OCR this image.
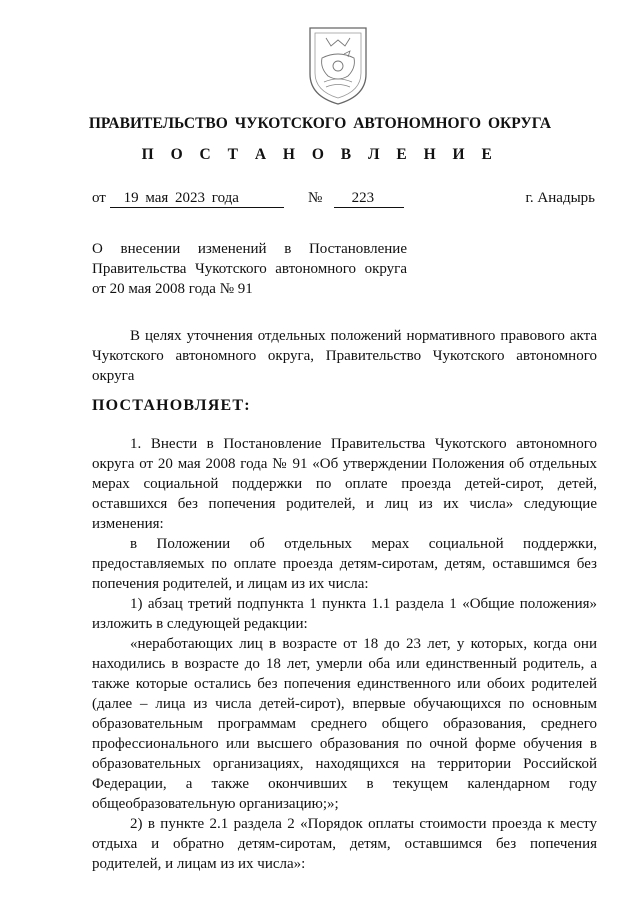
ПРАВИТЕЛЬСТВО ЧУКОТСКОГО АВТОНОМНОГО ОКРУГА
П О С Т А Н О В Л Е Н И Е
от 19 мая 2023 года	№ 223	г. Анадырь
О внесении изменений в Постановление
Правительства Чукотского автономного округа
от 20 мая 2008 года № 91

В целях уточнения отдельных положений нормативного правового акта Чукотского автономного округа, Правительство Чукотского автономного округа

ПОСТАНОВЛЯЕТ:

1. Внести в Постановление Правительства Чукотского автономного округа от 20 мая 2008 года № 91 «Об утверждении Положения об отдельных мерах социальной поддержки по оплате проезда детей-сирот, детей, оставшихся без попечения родителей, и лиц из их числа» следующие изменения:

в Положении об отдельных мерах социальной поддержки, предоставляемых по оплате проезда детям-сиротам, детям, оставшимся без попечения родителей, и лицам из их числа:

1) абзац третий подпункта 1 пункта 1.1 раздела 1 «Общие положения» изложить в следующей редакции:

«неработающих лиц в возрасте от 18 до 23 лет, у которых, когда они находились в возрасте до 18 лет, умерли оба или единственный родитель, а также которые остались без попечения единственного или обоих родителей (далее – лица из числа детей-сирот), впервые обучающихся по основным образовательным программам среднего общего образования, среднего профессионального или высшего образования по очной форме обучения в образовательных организациях, находящихся на территории Российской Федерации, а также окончивших в текущем календарном году общеобразовательную организацию;»;

2) в пункте 2.1 раздела 2 «Порядок оплаты стоимости проезда к месту отдыха и обратно детям-сиротам, детям, оставшимся без попечения родителей, и лицам из их числа»:
